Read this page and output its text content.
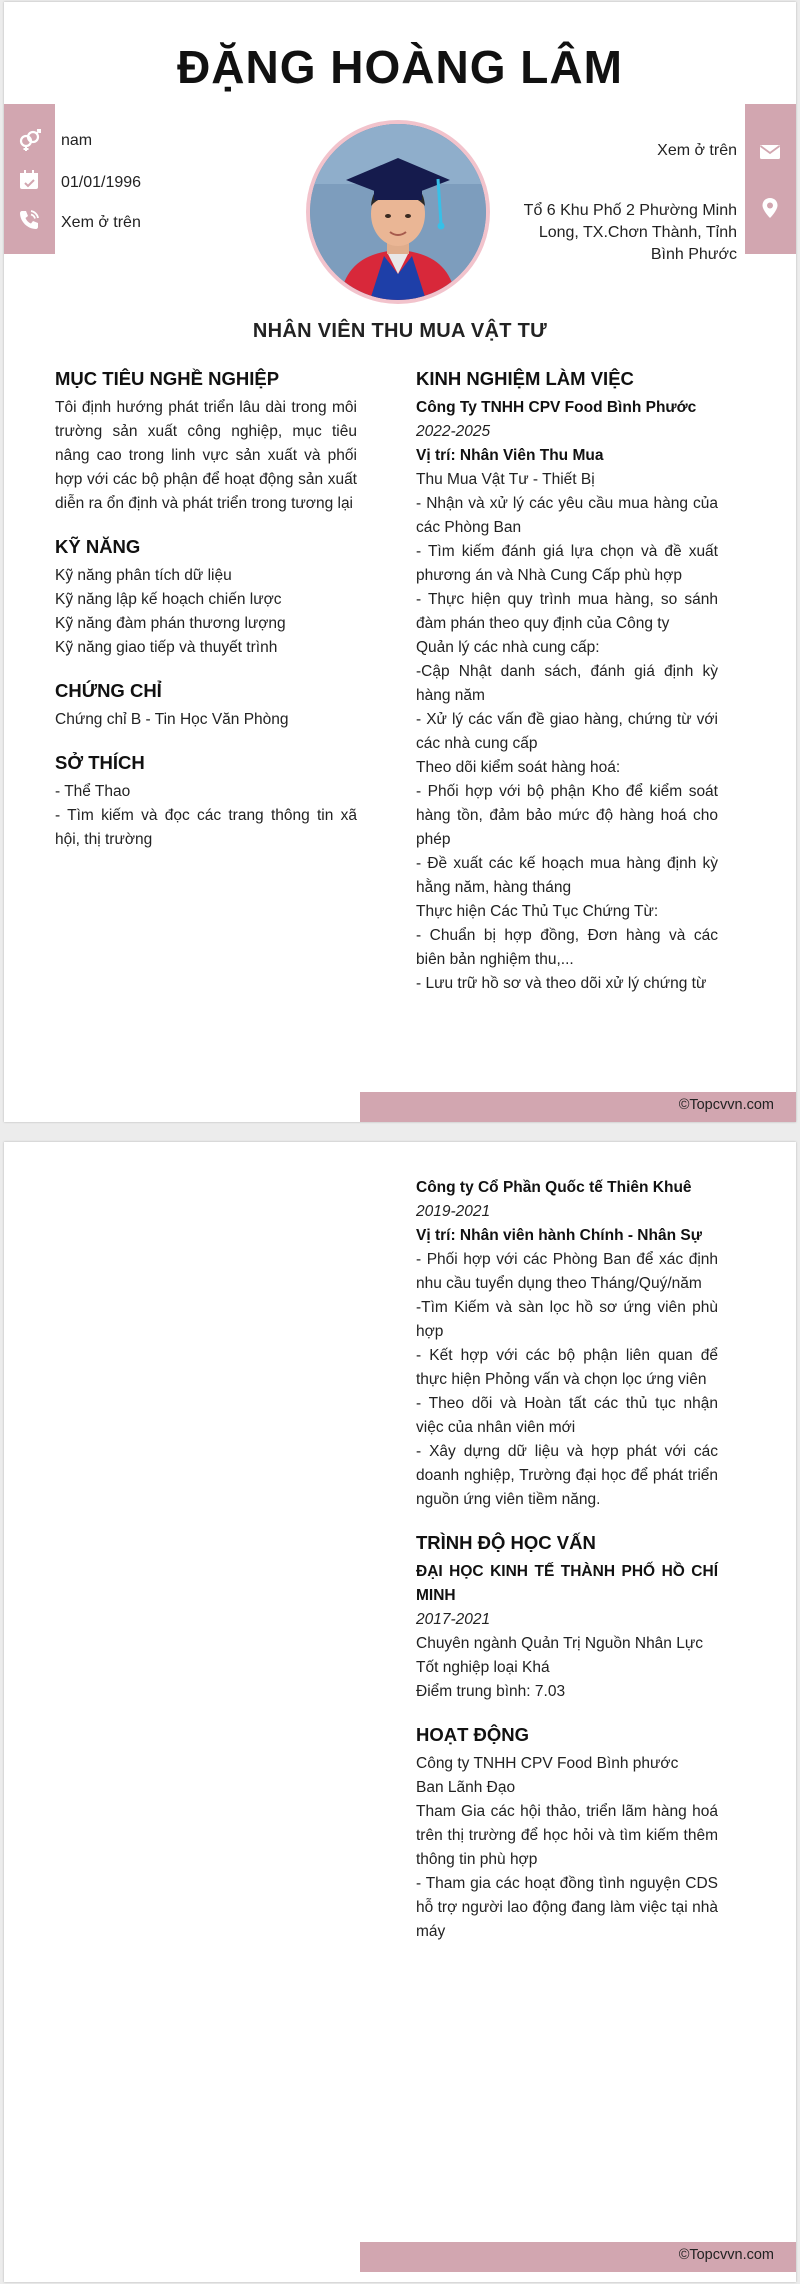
ĐẶNG HOÀNG LÂM
nam
01/01/1996
Xem ở trên
Xem ở trên
Tổ 6 Khu Phố 2 Phường Minh Long, TX.Chơn Thành, Tỉnh Bình Phước
NHÂN VIÊN THU MUA VẬT TƯ
MỤC TIÊU NGHỀ NGHIỆP

Tôi định hướng phát triển lâu dài trong môi trường sản xuất công nghiệp, mục tiêu nâng cao trong linh vực sản xuất và phối hợp với các bộ phận để hoạt động sản xuất diễn ra ổn định và phát triển trong tương lại

KỸ NĂNG

Kỹ năng phân tích dữ liệu

Kỹ năng lập kế hoạch chiến lược

Kỹ năng đàm phán thương lượng

Kỹ năng giao tiếp và thuyết trình

CHỨNG CHỈ

Chứng chỉ B - Tin Học Văn Phòng

SỞ THÍCH

- Thể Thao

- Tìm kiếm và đọc các trang thông tin xã hội, thị trường

KINH NGHIỆM LÀM VIỆC

Công Ty TNHH CPV Food Bình Phước

2022-2025

Vị trí: Nhân Viên Thu Mua

Thu Mua Vật Tư - Thiết Bị

- Nhận và xử lý các yêu cầu mua hàng của các Phòng Ban

- Tìm kiếm đánh giá lựa chọn và đề xuất phương án và Nhà Cung Cấp phù hợp

- Thực hiện quy trình mua hàng, so sánh đàm phán theo quy định của Công ty

Quản lý các nhà cung cấp:

-Cập Nhật danh sách, đánh giá định kỳ hàng năm

- Xử lý các vấn đề giao hàng, chứng từ với các nhà cung cấp

Theo dõi kiểm soát hàng hoá:

- Phối hợp với bộ phận Kho để kiểm soát hàng tồn, đảm bảo mức độ hàng hoá cho phép

- Đề xuất các kế hoạch mua hàng định kỳ hằng năm, hàng tháng

Thực hiện Các Thủ Tục Chứng Từ:

- Chuẩn bị hợp đồng, Đơn hàng và các biên bản nghiệm thu,...

- Lưu trữ hồ sơ và theo dõi xử lý chứng từ

©Topcvvn.com

Công ty Cổ Phần Quốc tế Thiên Khuê

2019-2021

Vị trí: Nhân viên hành Chính - Nhân Sự

- Phối hợp với các Phòng Ban để xác định nhu cầu tuyển dụng theo Tháng/Quý/năm

-Tìm Kiếm và sàn lọc hồ sơ ứng viên phù hợp

- Kết hợp với các bộ phận liên quan để thực hiện Phỏng vấn và chọn lọc ứng viên

- Theo dõi và Hoàn tất các thủ tục nhận việc của nhân viên mới

- Xây dựng dữ liệu và hợp phát với các doanh nghiệp, Trường đại học để phát triển nguồn ứng viên tiềm năng.

TRÌNH ĐỘ HỌC VẤN

ĐẠI HỌC KINH TẾ THÀNH PHỐ HỒ CHÍ MINH

2017-2021

Chuyên ngành Quản Trị Nguồn Nhân Lực

Tốt nghiệp loại Khá

Điểm trung bình: 7.03

HOẠT ĐỘNG

Công ty TNHH CPV Food Bình phước

Ban Lãnh Đạo

Tham Gia các hội thảo, triển lãm hàng hoá trên thị trường để học hỏi và tìm kiếm thêm thông tin phù hợp

- Tham gia các hoạt đồng tình nguyện CDS hỗ trợ người lao động đang làm việc tại nhà máy

©Topcvvn.com
